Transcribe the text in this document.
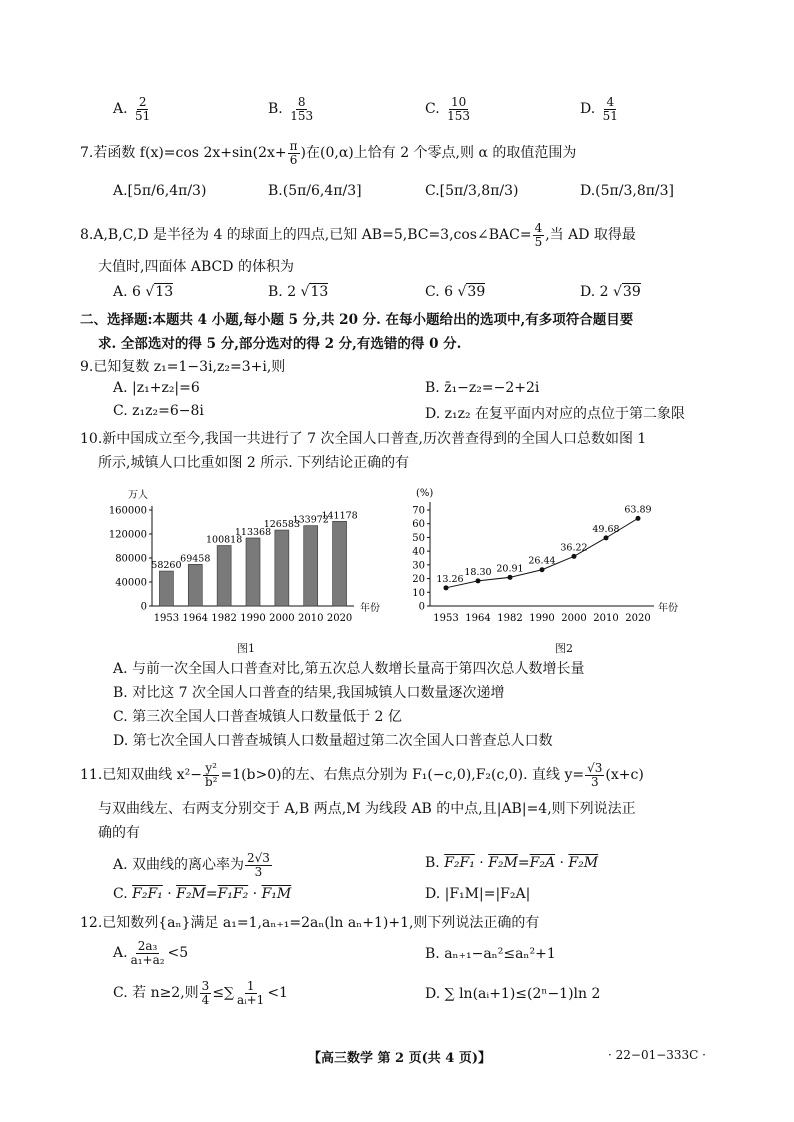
A. $\frac{2}{51}$	B. $\frac{8}{153}$	C. $\frac{10}{153}$	D. $\frac{4}{51}$
7.若函数 f(x)=cos $2x+\sin(2x+ \frac{\pi}{6}$ )在(0,α)上恰有 2 个零点,则 α 的取值范围为
A.[5π/6,4π/3)	B.(5π/6,4π/3]	C.[5π/3,8π/3)	D.(5π/3,8π/3]
8.A,B,C,D 是半径为 4 的球面上的四点,已知 AB=5,BC=3,cos∠BAC= $\frac{4}{5}$ ,当 AD 取得最
大值时,四面体 ABCD 的体积为
A. 6 √13	B. 2 √13	C. 6 √39	D. 2 √39
二、选择题:本题共 4 小题,每小题 5 分,共 20 分. 在每小题给出的选项中,有多项符合题目要
求. 全部选对的得 5 分,部分选对的得 2 分,有选错的得 0 分.
9.已知复数 z₁=1−3i,z₂=3+i,则
A. |z₁+z₂|=6	B. z̄₁−z₂=−2+2i
C. z₁z₂=6−8i	D. z₁z₂ 在复平面内对应的点位于第二象限
10.新中国成立至今,我国一共进行了 7 次全国人口普查,历次普查得到的全国人口总数如图 1
所示,城镇人口比重如图 2 所示. 下列结论正确的有
万人
年份
0
40000
80000
120000
160000
58260
1953
69458
1964
100818
1982
113368
1990
126583
2000
133972
2010
141178
2020
图1
(%)
年份
0
10
20
30
40
50
60
70
13.26
1953
18.30
1964
20.91
1982
26.44
1990
36.22
2000
49.68
2010
63.89
2020
图2
A. 与前一次全国人口普查对比,第五次总人数增长量高于第四次总人数增长量
B. 对比这 7 次全国人口普查的结果,我国城镇人口数量逐次递增
C. 第三次全国人口普查城镇人口数量低于 2 亿
D. 第七次全国人口普查城镇人口数量超过第二次全国人口普查总人口数
11.已知双曲线 $x^2- \frac{\text{y²}}{\text{b²}} =1(b>0)$的左、右焦点分别为 F₁(−c,0),F₂(c,0). 直线 $y= \frac{√3}{3} (x+c)$
与双曲线左、右两支分别交于 A,B 两点,M 为线段 AB 的中点,且|AB|=4,则下列说法正
确的有
A. 双曲线的离心率为 $\frac{2√3}{3}$	B. F₂F₁ · F₂M=F₂A · F₂M
C. F₂F₁ · F₂M=F₁F₂ · F₁M	D. |F₁M|=|F₂A|
12.已知数列{aₙ}满足 a₁=1,aₙ₊₁=2aₙ(ln aₙ+1)+1,则下列说法正确的有
A. $\frac{\text{2a₃}}{\text{a₁+a₂}} <5$	B. aₙ₊₁−aₙ²≤aₙ²+1
C. 若 n≥2,则 $\frac{3}{4}$ ≤∑ $\frac{1}{\text{aᵢ+1}} <1$	D. ∑ ln(aᵢ+1)≤(2ⁿ−1)ln 2
【高三数学 第 2 页(共 4 页)】	· 22−01−333C ·
